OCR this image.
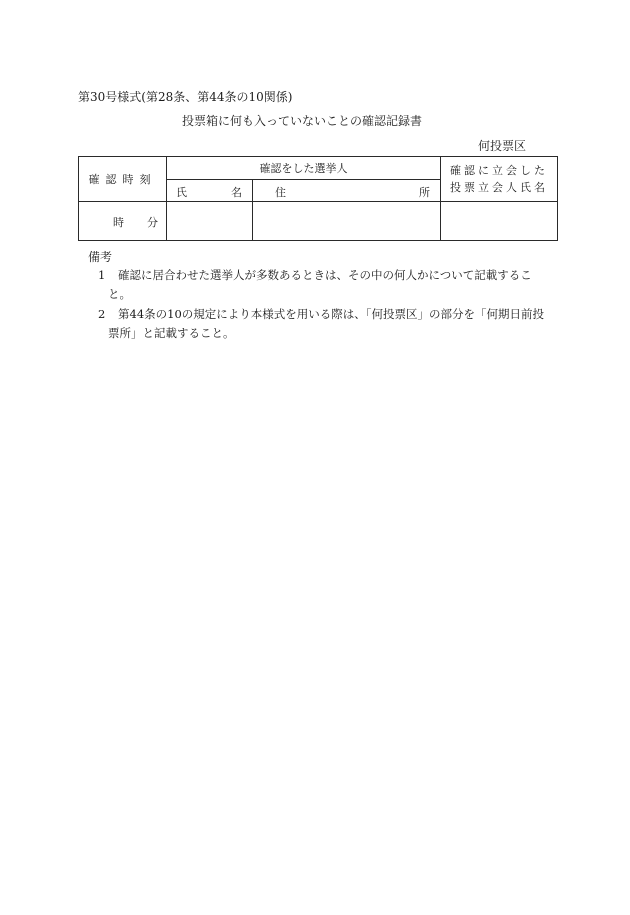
第30号様式(第28条、第44条の10関係)
投票箱に何も入っていないことの確認記録書
何投票区
確認時刻	確認をした選挙人		確認に立会した
投票立会人氏名

	氏 名	住 所	

時 分			

備考
1	確認に居合わせた選挙人が多数あるときは、その中の何人かについて記載するこ
と。
2	第44条の10の規定により本様式を用いる際は、「何投票区」の部分を「何期日前投
票所」と記載すること。
